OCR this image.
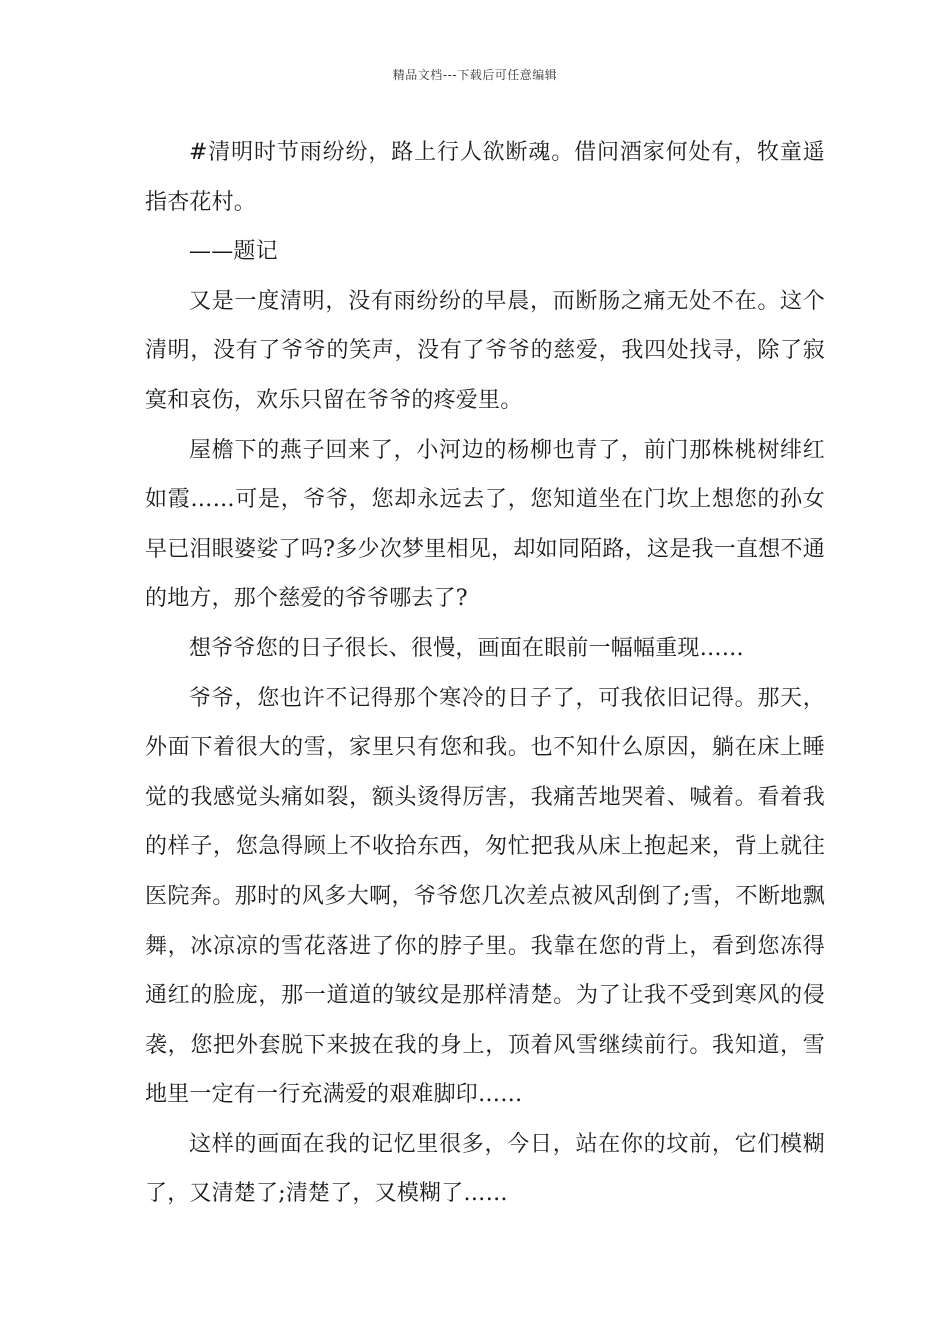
精品文档---下载后可任意编辑

#清明时节雨纷纷，路上行人欲断魂。借问酒家何处有，牧童遥指杏花村。

——题记

又是一度清明，没有雨纷纷的早晨，而断肠之痛无处不在。这个清明，没有了爷爷的笑声，没有了爷爷的慈爱，我四处找寻，除了寂寞和哀伤，欢乐只留在爷爷的疼爱里。

屋檐下的燕子回来了，小河边的杨柳也青了，前门那株桃树绯红如霞……可是，爷爷，您却永远去了，您知道坐在门坎上想您的孙女早已泪眼婆娑了吗?多少次梦里相见，却如同陌路，这是我一直想不通的地方，那个慈爱的爷爷哪去了?

想爷爷您的日子很长、很慢，画面在眼前一幅幅重现……

爷爷，您也许不记得那个寒冷的日子了，可我依旧记得。那天，外面下着很大的雪，家里只有您和我。也不知什么原因，躺在床上睡觉的我感觉头痛如裂，额头烫得厉害，我痛苦地哭着、喊着。看着我的样子，您急得顾上不收拾东西，匆忙把我从床上抱起来，背上就往医院奔。那时的风多大啊，爷爷您几次差点被风刮倒了;雪，不断地飘舞，冰凉凉的雪花落进了你的脖子里。我靠在您的背上，看到您冻得通红的脸庞，那一道道的皱纹是那样清楚。为了让我不受到寒风的侵袭，您把外套脱下来披在我的身上，顶着风雪继续前行。我知道，雪地里一定有一行充满爱的艰难脚印……

这样的画面在我的记忆里很多，今日，站在你的坟前，它们模糊了，又清楚了;清楚了，又模糊了……
